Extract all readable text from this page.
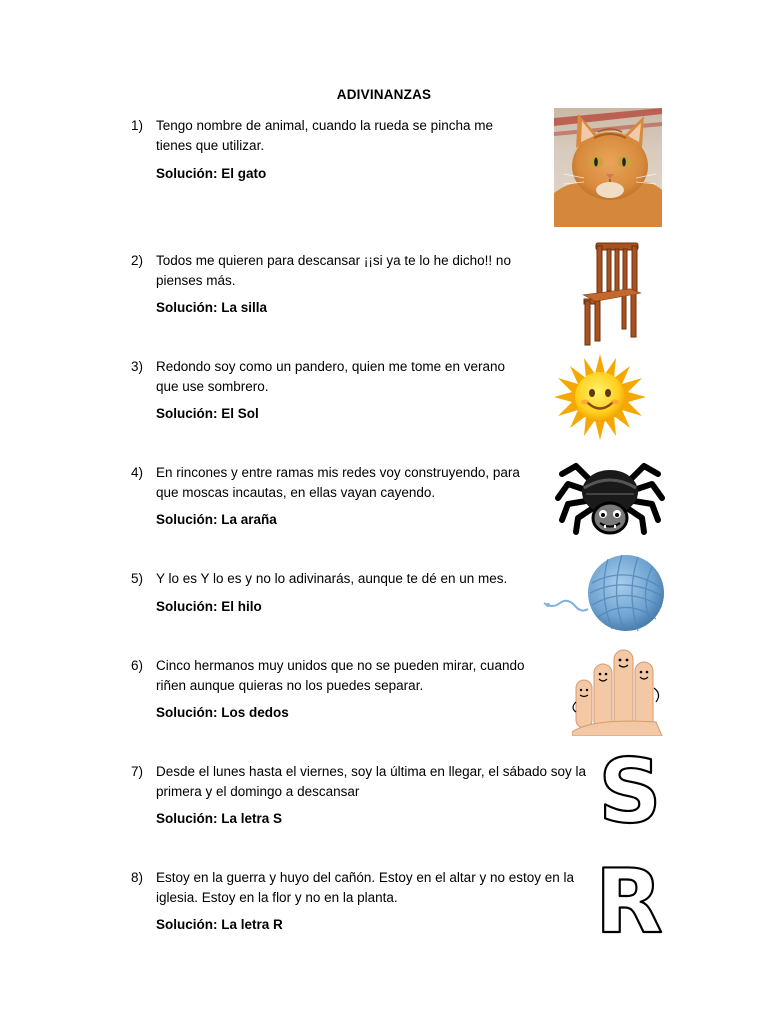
ADIVINANZAS
1) Tengo nombre de animal, cuando la rueda se pincha me tienes que utilizar.
Solución: El gato
2) Todos me quieren para descansar ¡¡si ya te lo he dicho!! no pienses más.
Solución: La silla
3) Redondo soy como un pandero, quien me tome en verano que use sombrero.
Solución: El Sol
4) En rincones y entre ramas mis redes voy construyendo, para que moscas incautas, en ellas vayan cayendo.
Solución: La araña
5) Y lo es Y lo es y no lo adivinarás, aunque te dé en un mes.
Solución: El hilo
6) Cinco hermanos muy unidos que no se pueden mirar, cuando riñen aunque quieras no los puedes separar.
Solución: Los dedos
7) Desde el lunes hasta el viernes, soy la última en llegar, el sábado soy la primera y el domingo a descansar
Solución: La letra S
8) Estoy en la guerra y huyo del cañón. Estoy en el altar y no estoy en la iglesia. Estoy en la flor y no en la planta.
Solución: La letra R
S
R
